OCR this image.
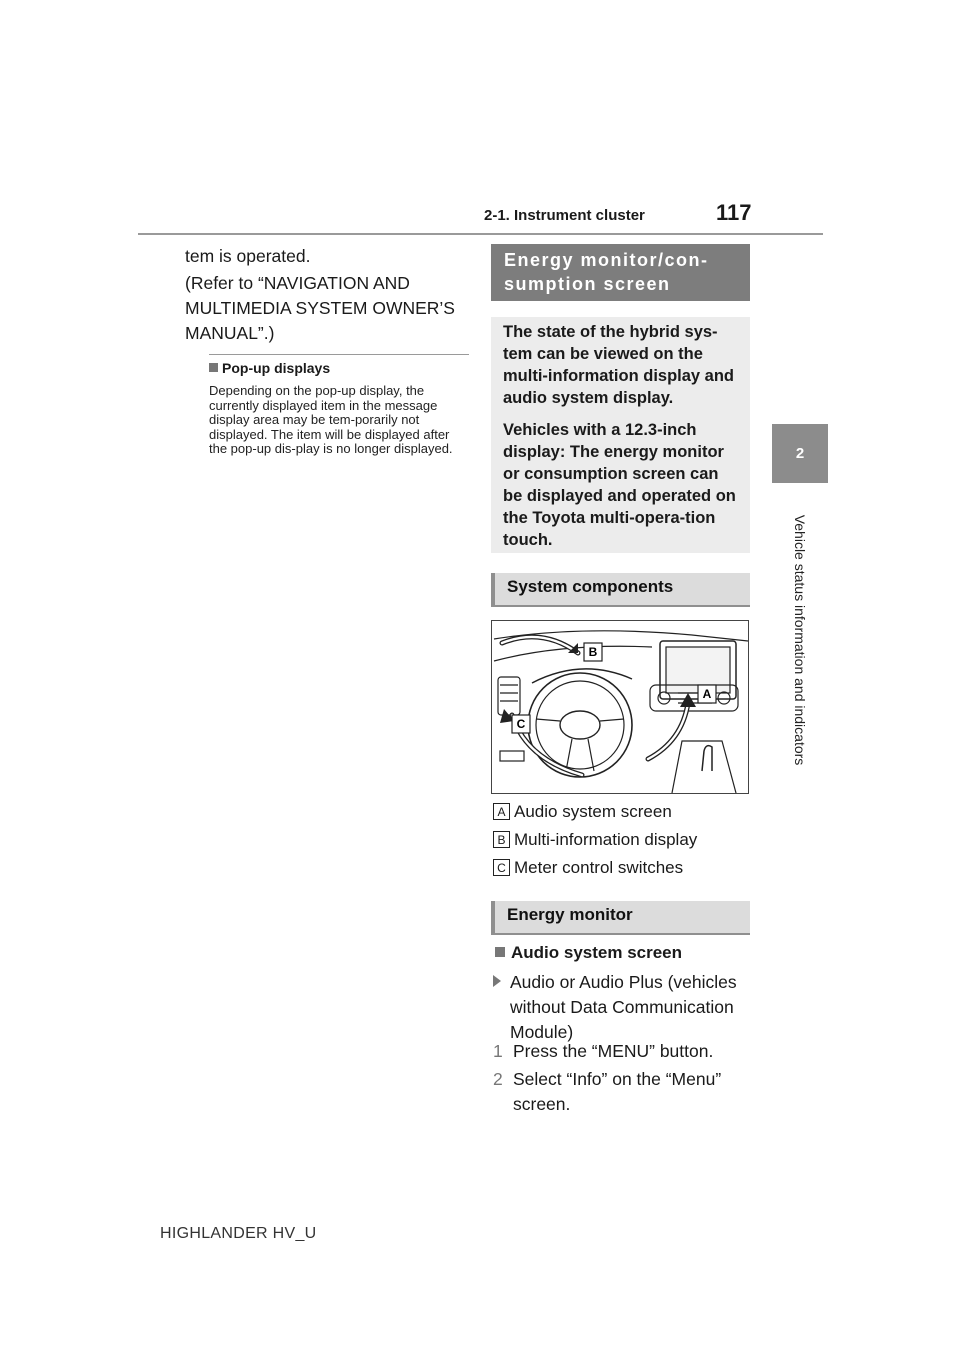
2-1. Instrument cluster	117
2
Vehicle status information and indicators
tem is operated.
(Refer to “NAVIGATION AND MULTIMEDIA SYSTEM OWNER’S MANUAL”.)
Pop-up displays
Depending on the pop-up display, the currently displayed item in the message display area may be tem-porarily not displayed. The item will be displayed after the pop-up dis-play is no longer displayed.
Energy monitor/con-
sumption screen

The state of the hybrid sys-tem can be viewed on the multi-information display and audio system display.

Vehicles with a 12.3-inch display: The energy monitor or consumption screen can be displayed and operated on the Toyota multi-opera-tion touch.

System components
B
A
C
A Audio system screen
B Multi-information display
C Meter control switches
Energy monitor
Audio system screen
Audio or Audio Plus (vehicles without Data Communication Module)
1 Press the “MENU” button.
2 Select “Info” on the “Menu” screen.
HIGHLANDER HV_U
